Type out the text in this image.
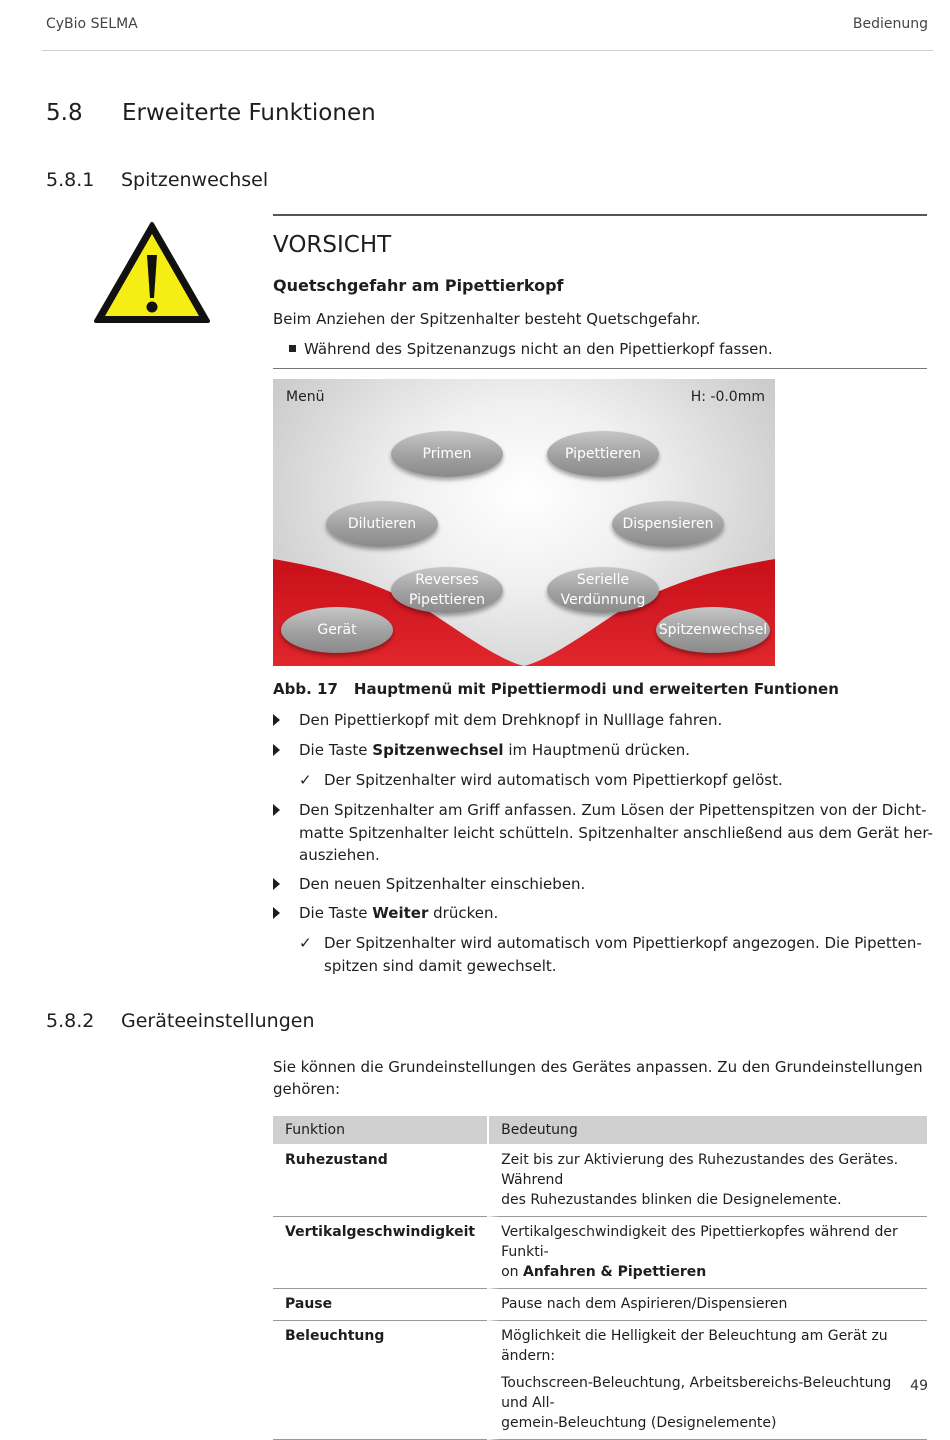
CyBio SELMA	Bedienung
5.8 Erweiterte Funktionen
5.8.1 Spitzenwechsel
VORSICHT
Quetschgefahr am Pipettierkopf
Beim Anziehen der Spitzenhalter besteht Quetschgefahr.
Während des Spitzenanzugs nicht an den Pipettierkopf fassen.
Menü	H: -0.0mm
Primen	Pipettieren
Dilutieren	Dispensieren
Reverses Pipettieren
Serielle Verdünnung
Gerät	Spitzenwechsel
Abb. 17 Hauptmenü mit Pipettiermodi und erweiterten Funtionen
Den Pipettierkopf mit dem Drehknopf in Nulllage fahren.
Die Taste Spitzenwechsel im Hauptmenü drücken.
✓ Der Spitzenhalter wird automatisch vom Pipettierkopf gelöst.
Den Spitzenhalter am Griff anfassen. Zum Lösen der Pipettenspitzen von der Dicht-
matte Spitzenhalter leicht schütteln. Spitzenhalter anschließend aus dem Gerät her-
ausziehen.
Den neuen Spitzenhalter einschieben.
Die Taste Weiter drücken.
✓ Der Spitzenhalter wird automatisch vom Pipettierkopf angezogen. Die Pipetten-
spitzen sind damit gewechselt.
5.8.2 Geräteeinstellungen
Sie können die Grundeinstellungen des Gerätes anpassen. Zu den Grundeinstellungen
gehören:
Funktion	Bedeutung
Ruhezustand	Zeit bis zur Aktivierung des Ruhezustandes des Gerätes. Während
des Ruhezustandes blinken die Designelemente.

Vertikalgeschwindigkeit	Vertikalgeschwindigkeit des Pipettierkopfes während der Funkti-
on Anfahren & Pipettieren

Pause	Pause nach dem Aspirieren/Dispensieren
Beleuchtung	Möglichkeit die Helligkeit der Beleuchtung am Gerät zu ändern:
Touchscreen-Beleuchtung, Arbeitsbereichs-Beleuchtung und All-
gemein-Beleuchtung (Designelemente)
49
